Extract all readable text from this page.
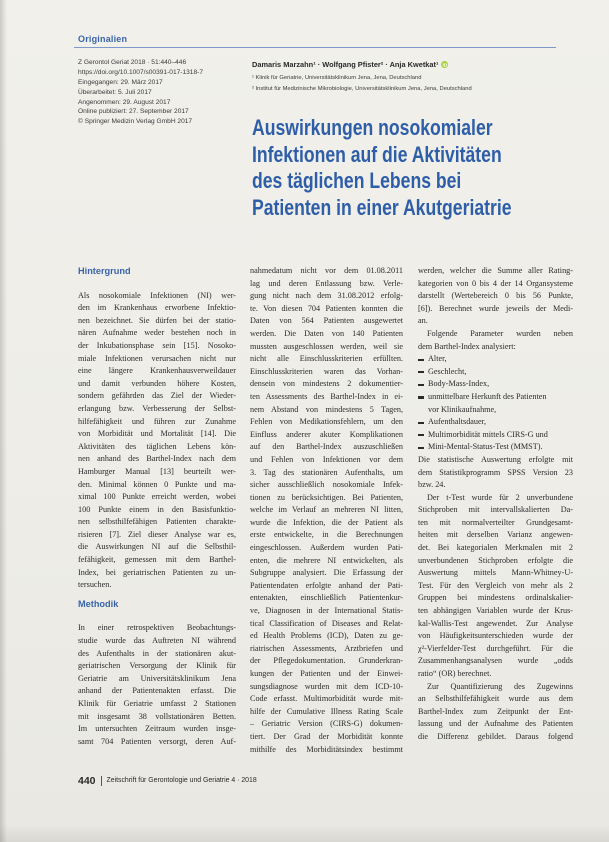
Originalien
Z Gerontol Geriat 2018 · 51:440–446
https://doi.org/10.1007/s00391-017-1318-7
Eingegangen: 29. März 2017
Überarbeitet: 5. Juli 2017
Angenommen: 29. August 2017
Online publiziert: 27. September 2017
© Springer Medizin Verlag GmbH 2017
Damaris Marzahn¹ · Wolfgang Pfister² · Anja Kwetkat¹
¹ Klinik für Geriatrie, Universitätsklinikum Jena, Jena, Deutschland
² Institut für Medizinische Mikrobiologie, Universitätsklinikum Jena, Jena, Deutschland
Auswirkungen nosokomialer
Infektionen auf die Aktivitäten
des täglichen Lebens bei
Patienten in einer Akutgeriatrie
Hintergrund
Als nosokomiale Infektionen (NI) wer-
den im Krankenhaus erworbene Infektio-
nen bezeichnet. Sie dürfen bei der statio-
nären Aufnahme weder bestehen noch in
der Inkubationsphase sein [15]. Nosoko-
miale Infektionen verursachen nicht nur
eine längere Krankenhausverweildauer
und damit verbunden höhere Kosten,
sondern gefährden das Ziel der Wieder-
erlangung bzw. Verbesserung der Selbst-
hilfefähigkeit und führen zur Zunahme
von Morbidität und Mortalität [14]. Die
Aktivitäten des täglichen Lebens kön-
nen anhand des Barthel-Index nach dem
Hamburger Manual [13] beurteilt wer-
den. Minimal können 0 Punkte und ma-
ximal 100 Punkte erreicht werden, wobei
100 Punkte einem in den Basisfunktio-
nen selbsthilfefähigen Patienten charakte-
risieren [7]. Ziel dieser Analyse war es,
die Auswirkungen NI auf die Selbsthil-
fefähigkeit, gemessen mit dem Barthel-
Index, bei geriatrischen Patienten zu un-
tersuchen.
Methodik
In einer retrospektiven Beobachtungs-
studie wurde das Auftreten NI während
des Aufenthalts in der stationären akut-
geriatrischen Versorgung der Klinik für
Geriatrie am Universitätsklinikum Jena
anhand der Patientenakten erfasst. Die
Klinik für Geriatrie umfasst 2 Stationen
mit insgesamt 38 vollstationären Betten.
Im untersuchten Zeitraum wurden insge-
samt 704 Patienten versorgt, deren Auf-
nahmedatum nicht vor dem 01.08.2011
lag und deren Entlassung bzw. Verle-
gung nicht nach dem 31.08.2012 erfolg-
te. Von diesen 704 Patienten konnten die
Daten von 564 Patienten ausgewertet
werden. Die Daten von 140 Patienten
mussten ausgeschlossen werden, weil sie
nicht alle Einschlusskriterien erfüllten.
Einschlusskriterien waren das Vorhan-
densein von mindestens 2 dokumentier-
ten Assessments des Barthel-Index in ei-
nem Abstand von mindestens 5 Tagen,
Fehlen von Medikationsfehlern, um den
Einfluss anderer akuter Komplikationen
auf den Barthel-Index auszuschließen
und Fehlen von Infektionen vor dem
3. Tag des stationären Aufenthalts, um
sicher ausschließlich nosokomiale Infek-
tionen zu berücksichtigen. Bei Patienten,
welche im Verlauf an mehreren NI litten,
wurde die Infektion, die der Patient als
erste entwickelte, in die Berechnungen
eingeschlossen. Außerdem wurden Pati-
enten, die mehrere NI entwickelten, als
Subgruppe analysiert. Die Erfassung der
Patientendaten erfolgte anhand der Pati-
entenakten, einschließlich Patientenkur-
ve, Diagnosen in der International Statis-
tical Classification of Diseases and Relat-
ed Health Problems (ICD), Daten zu ge-
riatrischen Assessments, Arztbriefen und
der Pflegedokumentation. Grunderkran-
kungen der Patienten und der Einwei-
sungsdiagnose wurden mit dem ICD-10-
Code erfasst. Multimorbidität wurde mit-
hilfe der Cumulative Illness Rating Scale
– Geriatric Version (CIRS-G) dokumen-
tiert. Der Grad der Morbidität konnte
mithilfe des Morbiditätsindex bestimmt
werden, welcher die Summe aller Rating-
kategorien von 0 bis 4 der 14 Organsysteme
darstellt (Wertebereich 0 bis 56 Punkte,
[6]). Berechnet wurde jeweils der Medi-
an.
Folgende Parameter wurden neben
dem Barthel-Index analysiert:
Alter,
Geschlecht,
Body-Mass-Index,
unmittelbare Herkunft des Patienten
vor Klinikaufnahme,
Aufenthaltsdauer,
Multimorbidität mittels CIRS-G und
Mini-Mental-Status-Test (MMST).
Die statistische Auswertung erfolgte mit
dem Statistikprogramm SPSS Version 23
bzw. 24.
Der t-Test wurde für 2 unverbundene
Stichproben mit intervallskalierten Da-
ten mit normalverteilter Grundgesamt-
heiten mit derselben Varianz angewen-
det. Bei kategorialen Merkmalen mit 2
unverbundenen Stichproben erfolgte die
Auswertung mittels Mann-Whitney-U-
Test. Für den Vergleich von mehr als 2
Gruppen bei mindestens ordinalskalier-
ten abhängigen Variablen wurde der Krus-
kal-Wallis-Test angewendet. Zur Analyse
von Häufigkeitsunterschieden wurde der
χ²-Vierfelder-Test durchgeführt. Für die
Zusammenhangsanalysen wurde „odds
ratio“ (OR) berechnet.
Zur Quantifizierung des Zugewinns
an Selbsthilfefähigkeit wurde aus dem
Barthel-Index zum Zeitpunkt der Ent-
lassung und der Aufnahme des Patienten
die Differenz gebildet. Daraus folgend
440 Zeitschrift für Gerontologie und Geriatrie 4 · 2018
